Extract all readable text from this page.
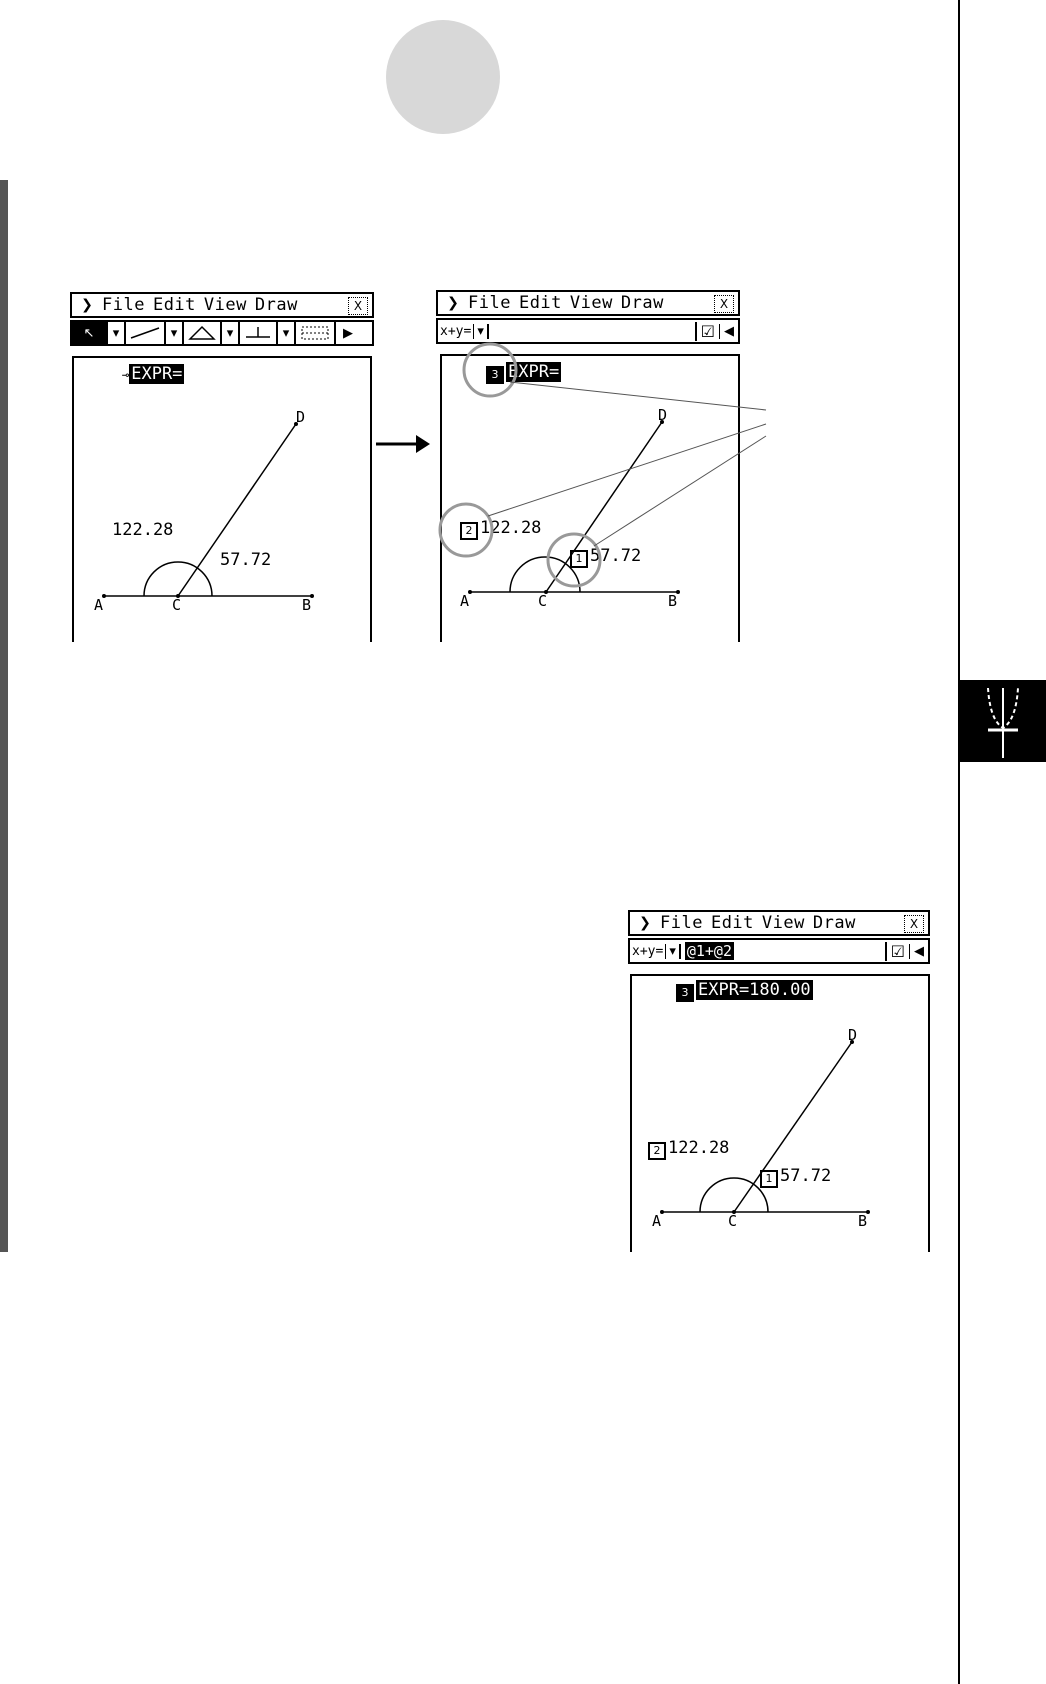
❯ File Edit View Draw	X
↖	▾	▾	▾	▾	▶
⊸ EXPR=
122.28
57.72
A	B
C
D
❯ File Edit View Draw	X
x+y= ▾	☑ ◀
3 EXPR=
2 122.28
1 57.72
A	B
C
D
❯ File Edit View Draw	X
x+y= ▾ @1+@2	☑ ◀
3 EXPR=180.00
2 122.28
1 57.72
A	B
C
D
